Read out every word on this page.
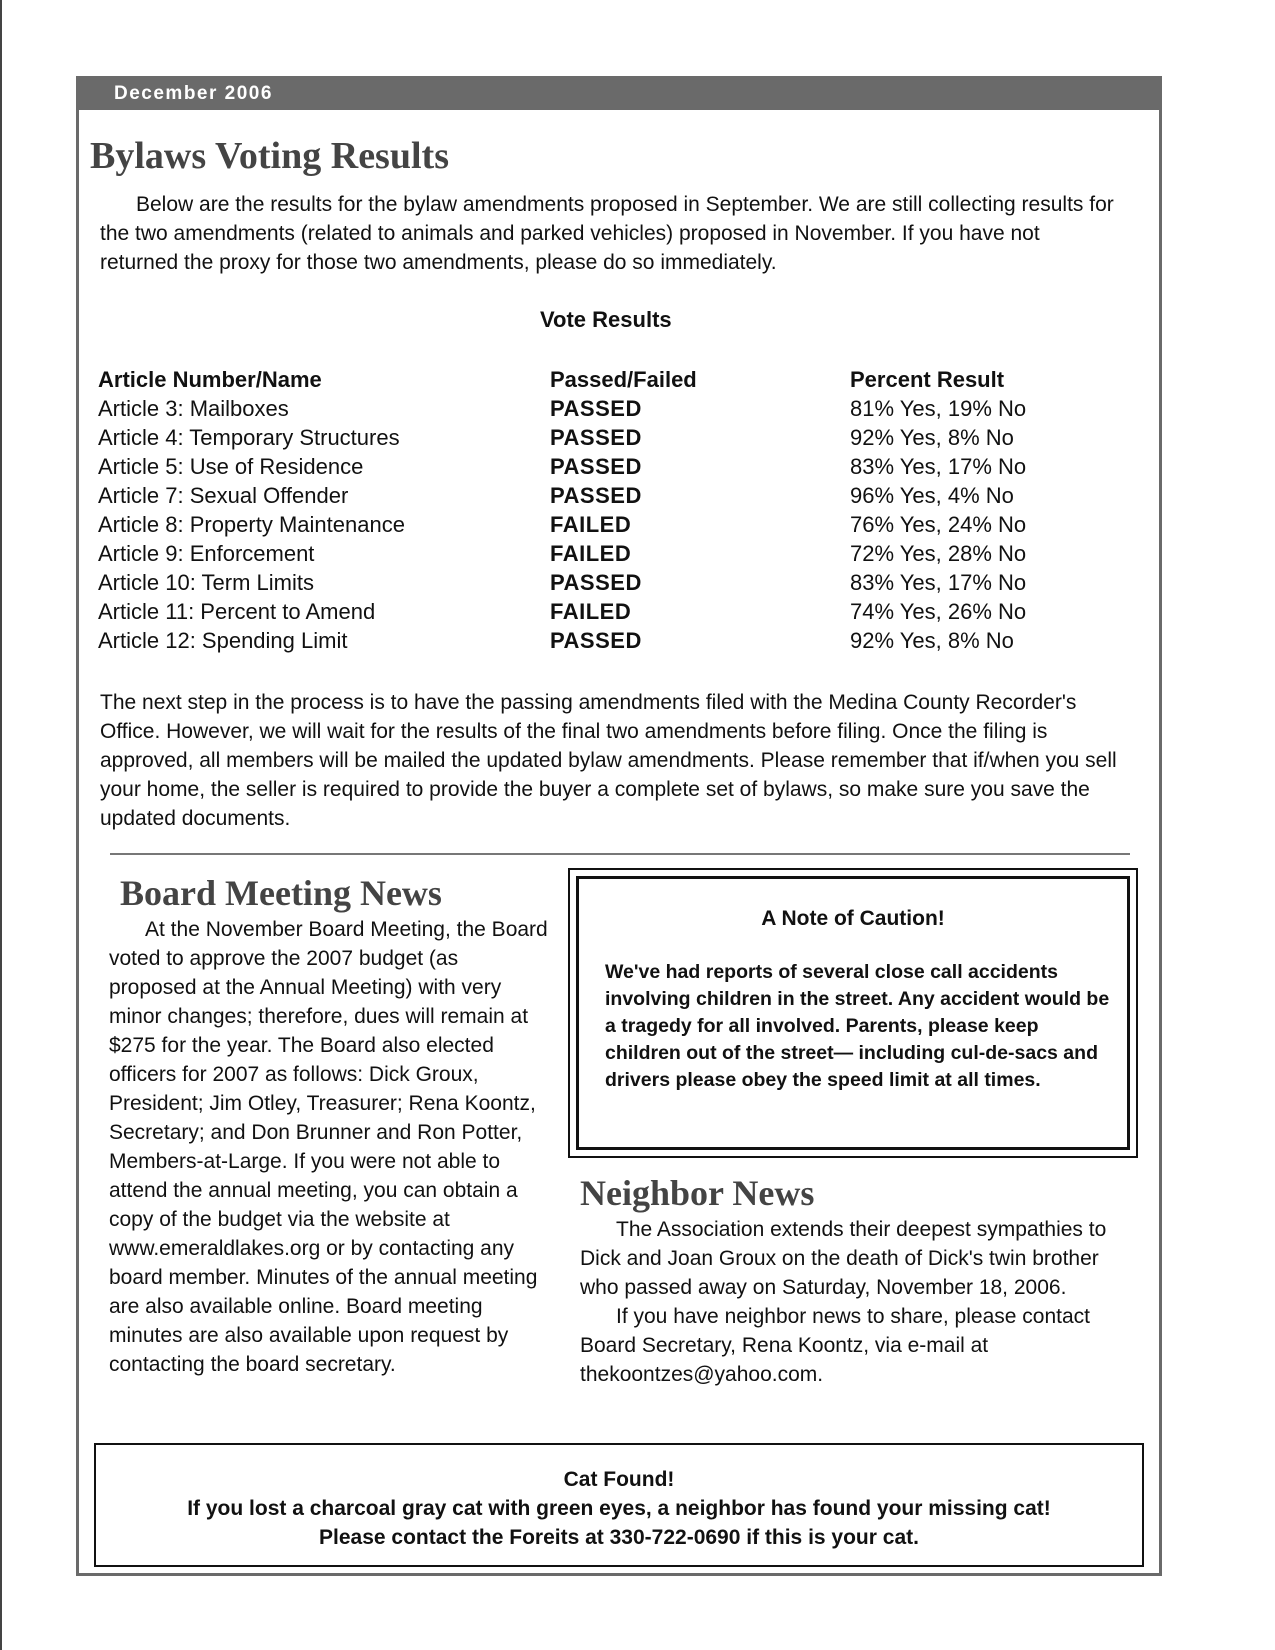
December 2006
Bylaws Voting Results

Below are the results for the bylaw amendments proposed in September. We are still collecting results for the two amendments (related to animals and parked vehicles) proposed in November. If you have not returned the proxy for those two amendments, please do so immediately.

Vote Results
Article Number/Name	Passed/Failed	Percent Result
Article 3: Mailboxes	PASSED	81% Yes, 19% No
Article 4: Temporary Structures	PASSED	92% Yes, 8% No
Article 5: Use of Residence	PASSED	83% Yes, 17% No
Article 7: Sexual Offender	PASSED	96% Yes, 4% No
Article 8: Property Maintenance	FAILED	76% Yes, 24% No
Article 9: Enforcement	FAILED	72% Yes, 28% No
Article 10: Term Limits	PASSED	83% Yes, 17% No
Article 11: Percent to Amend	FAILED	74% Yes, 26% No
Article 12: Spending Limit	PASSED	92% Yes, 8% No

The next step in the process is to have the passing amendments filed with the Medina County Recorder's Office. However, we will wait for the results of the final two amendments before filing. Once the filing is approved, all members will be mailed the updated bylaw amendments. Please remember that if/when you sell your home, the seller is required to provide the buyer a complete set of bylaws, so make sure you save the updated documents.

Board Meeting News

At the November Board Meeting, the Board voted to approve the 2007 budget (as proposed at the Annual Meeting) with very minor changes; therefore, dues will remain at $275 for the year. The Board also elected officers for 2007 as follows: Dick Groux, President; Jim Otley, Treasurer; Rena Koontz, Secretary; and Don Brunner and Ron Potter, Members-at-Large. If you were not able to attend the annual meeting, you can obtain a copy of the budget via the website at www.emeraldlakes.org or by contacting any board member. Minutes of the annual meeting are also available online. Board meeting minutes are also available upon request by contacting the board secretary.

A Note of Caution!

We've had reports of several close call accidents involving children in the street. Any accident would be a tragedy for all involved. Parents, please keep children out of the street— including cul-de-sacs and drivers please obey the speed limit at all times.

Neighbor News
The Association extends their deepest sympathies to Dick and Joan Groux on the death of Dick's twin brother who passed away on Saturday, November 18, 2006.
If you have neighbor news to share, please contact Board Secretary, Rena Koontz, via e-mail at thekoontzes@yahoo.com.
Cat Found!
If you lost a charcoal gray cat with green eyes, a neighbor has found your missing cat!
Please contact the Foreits at 330-722-0690 if this is your cat.
